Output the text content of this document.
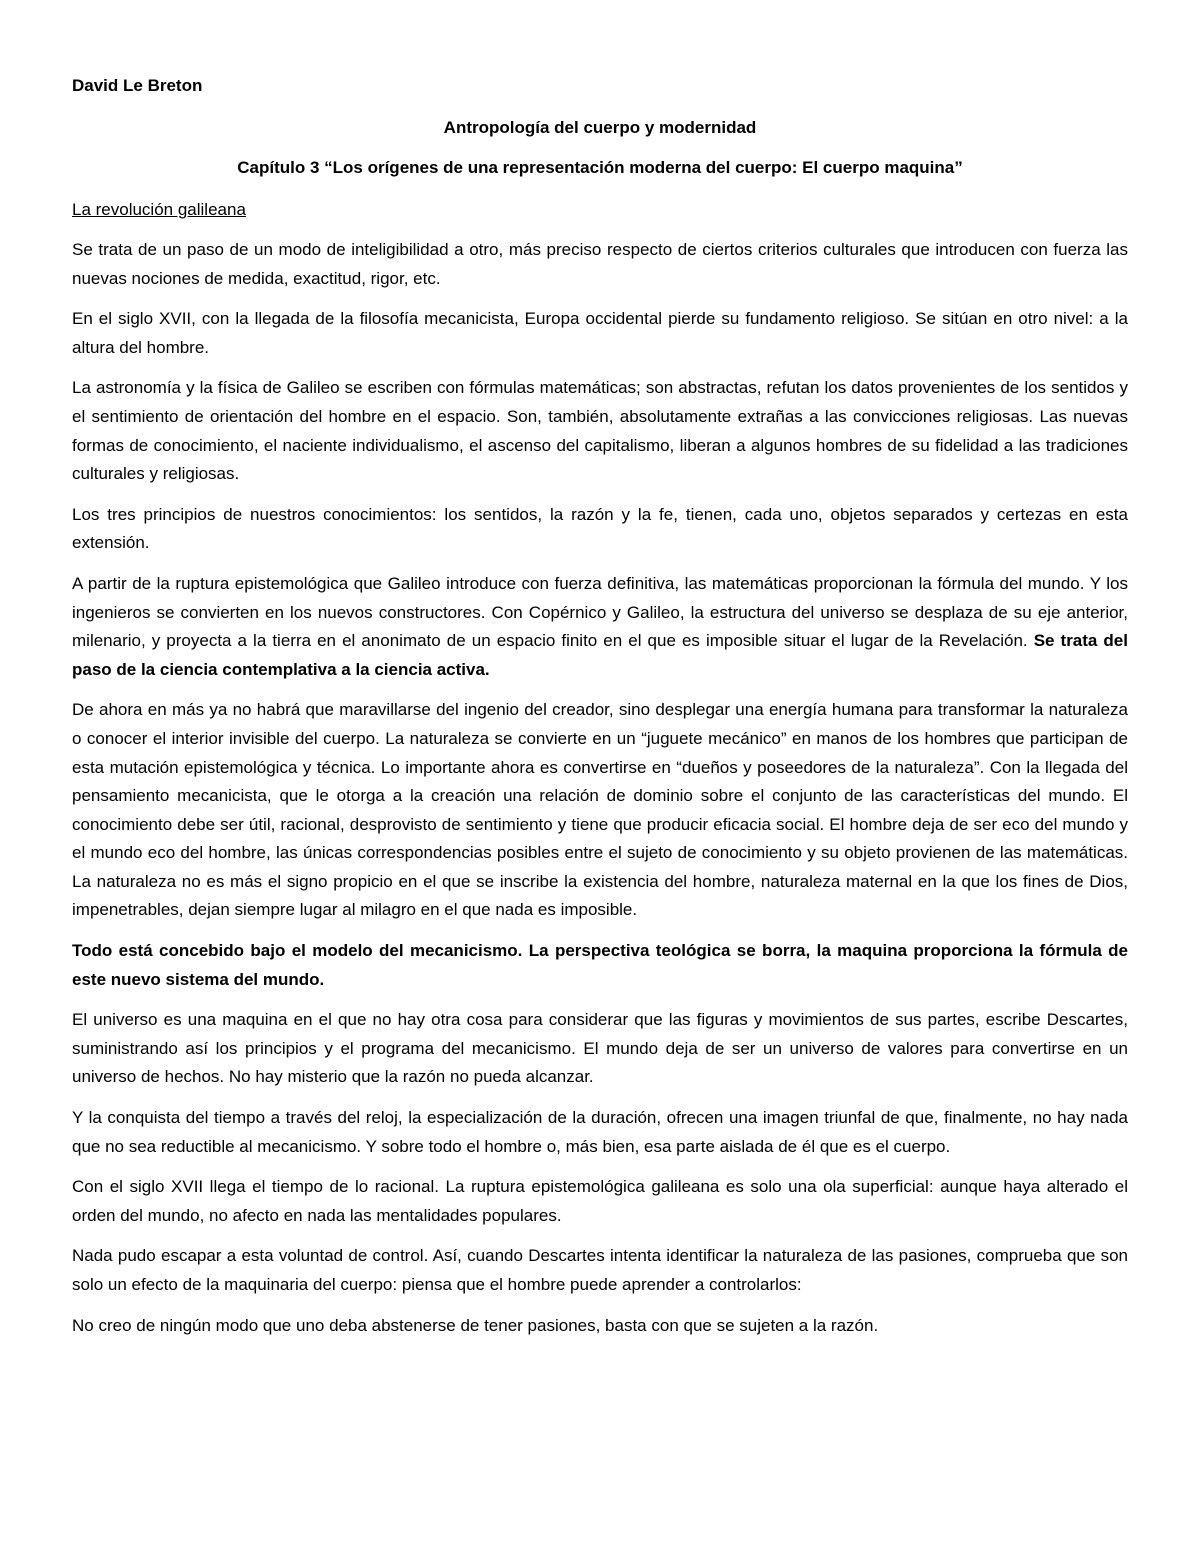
David Le Breton
Antropología del cuerpo y modernidad
Capítulo 3 “Los orígenes de una representación moderna del cuerpo: El cuerpo maquina”
La revolución galileana

Se trata de un paso de un modo de inteligibilidad a otro, más preciso respecto de ciertos criterios culturales que introducen con fuerza las nuevas nociones de medida, exactitud, rigor, etc.

En el siglo XVII, con la llegada de la filosofía mecanicista, Europa occidental pierde su fundamento religioso. Se sitúan en otro nivel: a la altura del hombre.

La astronomía y la física de Galileo se escriben con fórmulas matemáticas; son abstractas, refutan los datos provenientes de los sentidos y el sentimiento de orientación del hombre en el espacio. Son, también, absolutamente extrañas a las convicciones religiosas. Las nuevas formas de conocimiento, el naciente individualismo, el ascenso del capitalismo, liberan a algunos hombres de su fidelidad a las tradiciones culturales y religiosas.

Los tres principios de nuestros conocimientos: los sentidos, la razón y la fe, tienen, cada uno, objetos separados y certezas en esta extensión.

A partir de la ruptura epistemológica que Galileo introduce con fuerza definitiva, las matemáticas proporcionan la fórmula del mundo. Y los ingenieros se convierten en los nuevos constructores. Con Copérnico y Galileo, la estructura del universo se desplaza de su eje anterior, milenario, y proyecta a la tierra en el anonimato de un espacio finito en el que es imposible situar el lugar de la Revelación. Se trata del paso de la ciencia contemplativa a la ciencia activa.

De ahora en más ya no habrá que maravillarse del ingenio del creador, sino desplegar una energía humana para transformar la naturaleza o conocer el interior invisible del cuerpo. La naturaleza se convierte en un “juguete mecánico” en manos de los hombres que participan de esta mutación epistemológica y técnica. Lo importante ahora es convertirse en “dueños y poseedores de la naturaleza”. Con la llegada del pensamiento mecanicista, que le otorga a la creación una relación de dominio sobre el conjunto de las características del mundo. El conocimiento debe ser útil, racional, desprovisto de sentimiento y tiene que producir eficacia social. El hombre deja de ser eco del mundo y el mundo eco del hombre, las únicas correspondencias posibles entre el sujeto de conocimiento y su objeto provienen de las matemáticas. La naturaleza no es más el signo propicio en el que se inscribe la existencia del hombre, naturaleza maternal en la que los fines de Dios, impenetrables, dejan siempre lugar al milagro en el que nada es imposible.

Todo está concebido bajo el modelo del mecanicismo. La perspectiva teológica se borra, la maquina proporciona la fórmula de este nuevo sistema del mundo.

El universo es una maquina en el que no hay otra cosa para considerar que las figuras y movimientos de sus partes, escribe Descartes, suministrando así los principios y el programa del mecanicismo. El mundo deja de ser un universo de valores para convertirse en un universo de hechos. No hay misterio que la razón no pueda alcanzar.

Y la conquista del tiempo a través del reloj, la especialización de la duración, ofrecen una imagen triunfal de que, finalmente, no hay nada que no sea reductible al mecanicismo. Y sobre todo el hombre o, más bien, esa parte aislada de él que es el cuerpo.

Con el siglo XVII llega el tiempo de lo racional. La ruptura epistemológica galileana es solo una ola superficial: aunque haya alterado el orden del mundo, no afecto en nada las mentalidades populares.

Nada pudo escapar a esta voluntad de control. Así, cuando Descartes intenta identificar la naturaleza de las pasiones, comprueba que son solo un efecto de la maquinaria del cuerpo: piensa que el hombre puede aprender a controlarlos:

No creo de ningún modo que uno deba abstenerse de tener pasiones, basta con que se sujeten a la razón.
